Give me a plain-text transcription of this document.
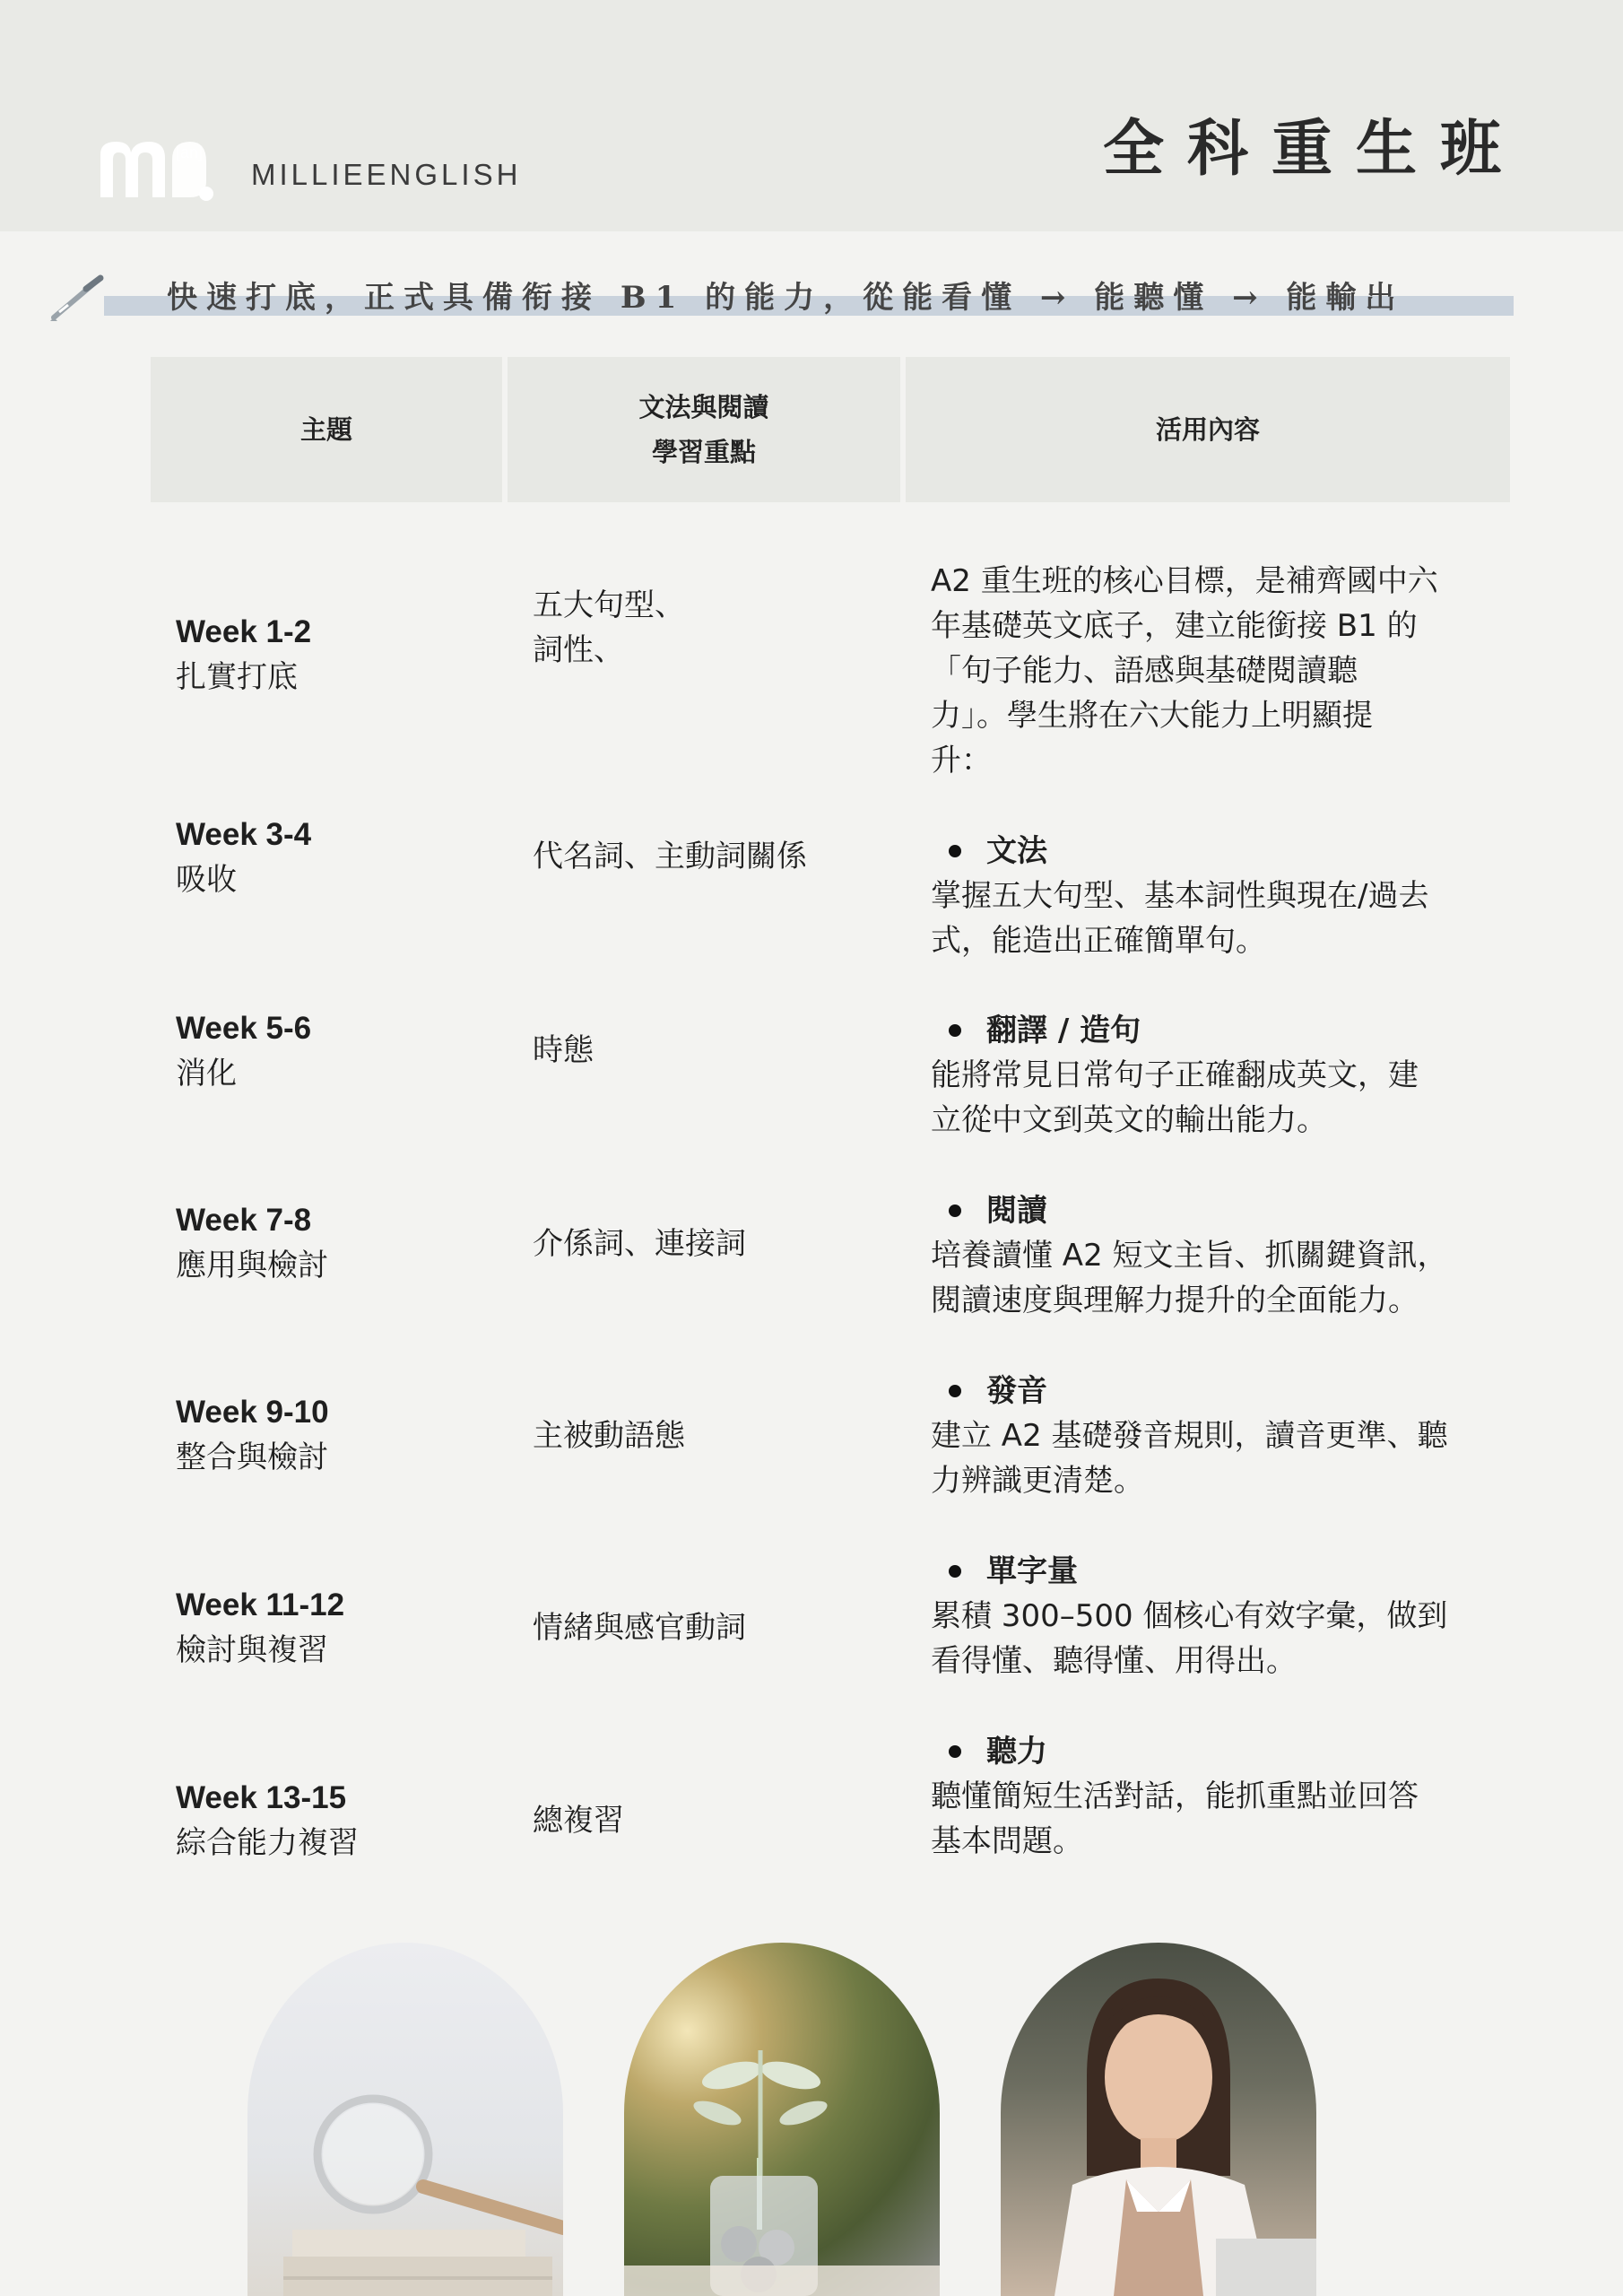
[an]
MILLIEENGLISH	全科重生班
快速打底，正式具備衔接 B1 的能力，從能看懂 → 能聽懂 → 能輸出
主題
文法與閱讀
學習重點
活用內容
Week 1-2
扎實打底
五大句型、
詞性、
Week 3-4
吸收
代名詞、主動詞關係
Week 5-6
消化
時態
Week 7-8
應用與檢討
介係詞、連接詞
Week 9-10
整合與檢討
主被動語態
Week 11-12
檢討與複習
情緒與感官動詞
Week 13-15
綜合能力複習
總複習
A2 重生班的核心目標，是補齊國中六
年基礎英文底子，建立能銜接 B1 的
「句子能力、語感與基礎閱讀聽
力」。學生將在六大能力上明顯提
升：
文法
掌握五大句型、基本詞性與現在/過去
式，能造出正確簡單句。
翻譯 / 造句
能將常見日常句子正確翻成英文，建
立從中文到英文的輸出能力。
閱讀
培養讀懂 A2 短文主旨、抓關鍵資訊，
閱讀速度與理解力提升的全面能力。
發音
建立 A2 基礎發音規則，讀音更準、聽
力辨識更清楚。
單字量
累積 300–500 個核心有效字彙，做到
看得懂、聽得懂、用得出。
聽力
聽懂簡短生活對話，能抓重點並回答
基本問題。
